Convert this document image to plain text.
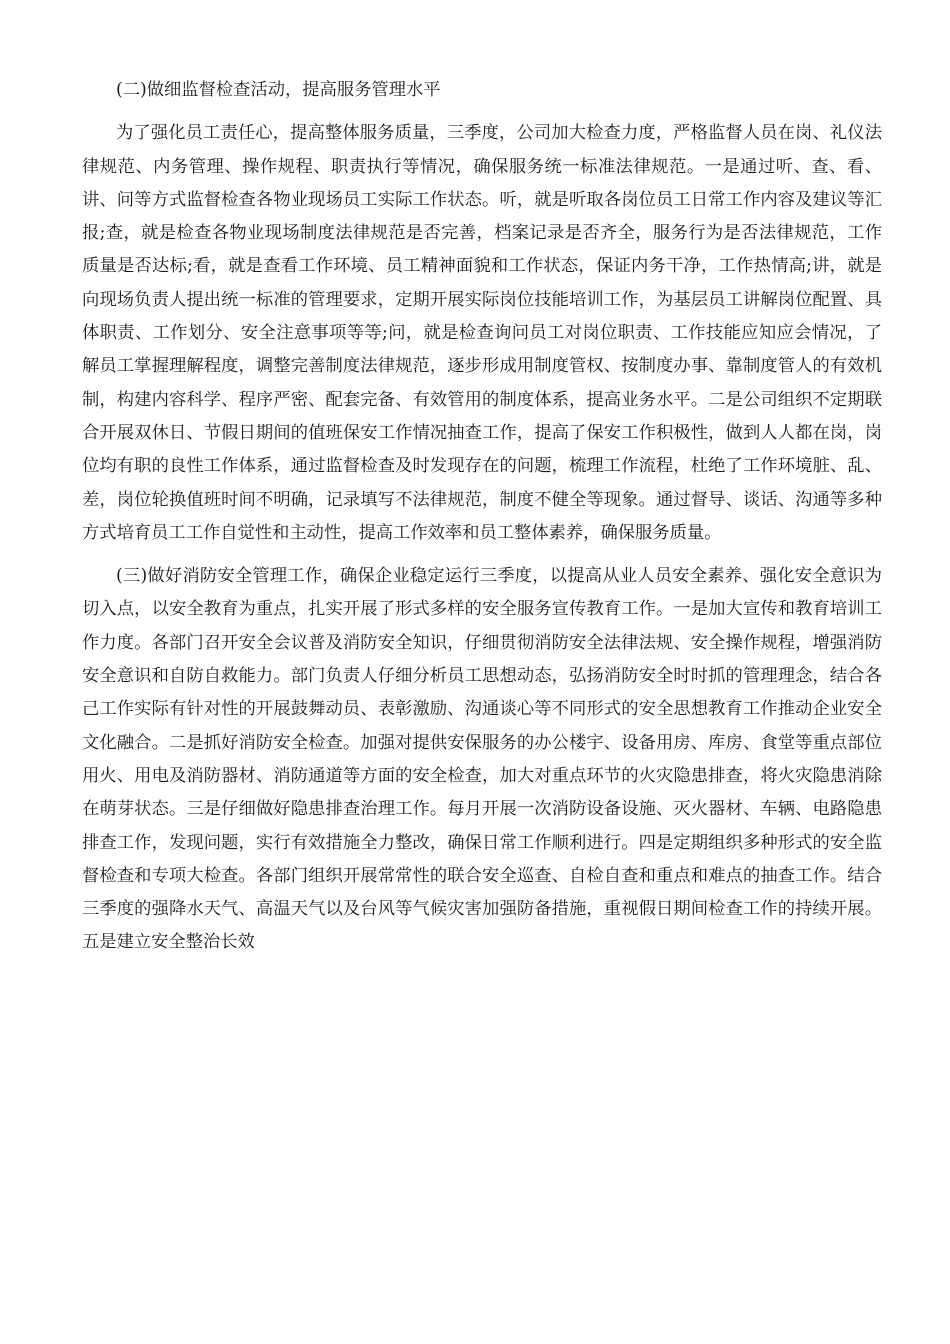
(二)做细监督检查活动，提高服务管理水平

为了强化员工责任心，提高整体服务质量，三季度，公司加大检查力度，严格监督人员在岗、礼仪法律规范、内务管理、操作规程、职责执行等情况，确保服务统一标准法律规范。一是通过听、查、看、讲、问等方式监督检查各物业现场员工实际工作状态。听，就是听取各岗位员工日常工作内容及建议等汇报;查，就是检查各物业现场制度法律规范是否完善，档案记录是否齐全，服务行为是否法律规范，工作质量是否达标;看，就是查看工作环境、员工精神面貌和工作状态，保证内务干净，工作热情高;讲，就是向现场负责人提出统一标准的管理要求，定期开展实际岗位技能培训工作，为基层员工讲解岗位配置、具体职责、工作划分、安全注意事项等等;问，就是检查询问员工对岗位职责、工作技能应知应会情况，了解员工掌握理解程度，调整完善制度法律规范，逐步形成用制度管权、按制度办事、靠制度管人的有效机制，构建内容科学、程序严密、配套完备、有效管用的制度体系，提高业务水平。二是公司组织不定期联合开展双休日、节假日期间的值班保安工作情况抽查工作，提高了保安工作积极性，做到人人都在岗，岗位均有职的良性工作体系，通过监督检查及时发现存在的问题，梳理工作流程，杜绝了工作环境脏、乱、差，岗位轮换值班时间不明确，记录填写不法律规范，制度不健全等现象。通过督导、谈话、沟通等多种方式培育员工工作自觉性和主动性，提高工作效率和员工整体素养，确保服务质量。

(三)做好消防安全管理工作，确保企业稳定运行三季度，以提高从业人员安全素养、强化安全意识为切入点，以安全教育为重点，扎实开展了形式多样的安全服务宣传教育工作。一是加大宣传和教育培训工作力度。各部门召开安全会议普及消防安全知识，仔细贯彻消防安全法律法规、安全操作规程，增强消防安全意识和自防自救能力。部门负责人仔细分析员工思想动态，弘扬消防安全时时抓的管理理念，结合各己工作实际有针对性的开展鼓舞动员、表彰激励、沟通谈心等不同形式的安全思想教育工作推动企业安全文化融合。二是抓好消防安全检查。加强对提供安保服务的办公楼宇、设备用房、库房、食堂等重点部位用火、用电及消防器材、消防通道等方面的安全检查，加大对重点环节的火灾隐患排查，将火灾隐患消除在萌芽状态。三是仔细做好隐患排查治理工作。每月开展一次消防设备设施、灭火器材、车辆、电路隐患排查工作，发现问题，实行有效措施全力整改，确保日常工作顺利进行。四是定期组织多种形式的安全监督检查和专项大检查。各部门组织开展常常性的联合安全巡查、自检自查和重点和难点的抽查工作。结合三季度的强降水天气、高温天气以及台风等气候灾害加强防备措施，重视假日期间检查工作的持续开展。五是建立安全整治长效
